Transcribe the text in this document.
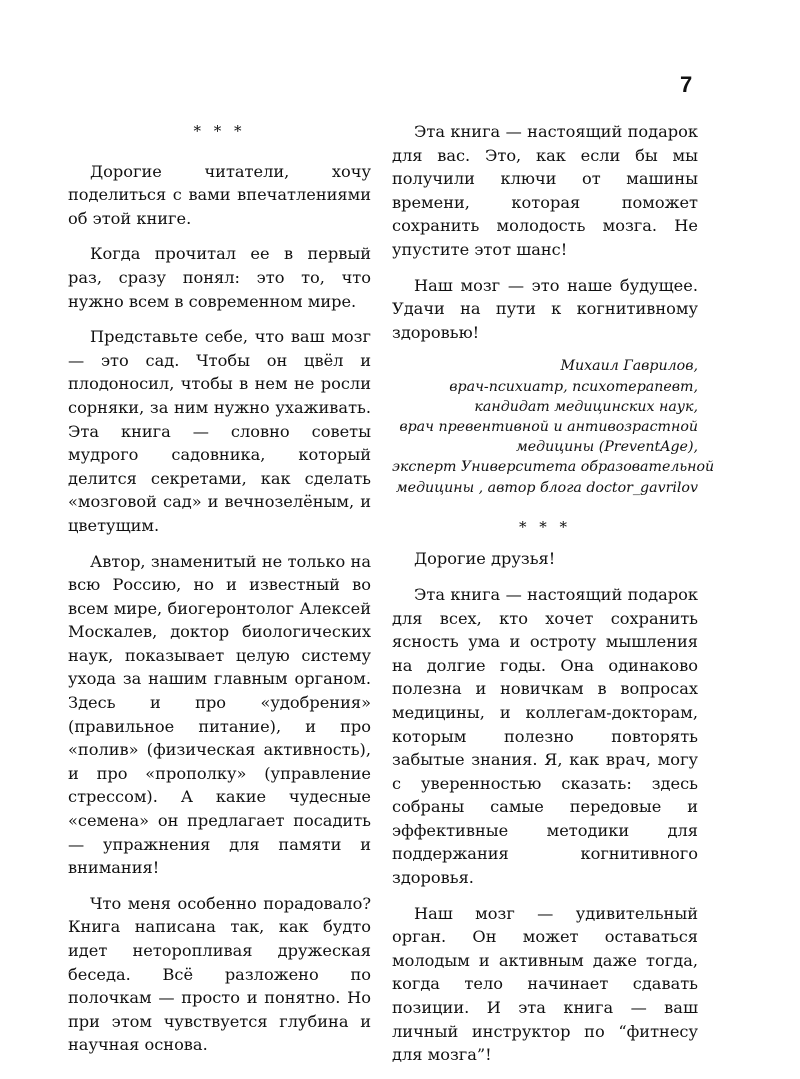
7
* * *

Дорогие читатели, хочу поделиться с вами впечатлениями об этой книге.

Когда прочитал ее в первый раз, сразу понял: это то, что нужно всем в современном мире.

Представьте себе, что ваш мозг — это сад. Чтобы он цвёл и плодоносил, чтобы в нем не росли сорняки, за ним нужно ухаживать. Эта книга — словно советы мудрого садовника, который делится секретами, как сделать «мозговой сад» и вечнозелёным, и цветущим.

Автор, знаменитый не только на всю Россию, но и известный во всем мире, биогеронтолог Алексей Москалев, доктор биологических наук, показывает целую систему ухода за нашим главным органом. Здесь и про «удобрения» (правильное питание), и про «полив» (физическая активность), и про «прополку» (управление стрессом). А какие чудесные «семена» он предлагает посадить — упражнения для памяти и внимания!

Что меня особенно порадовало? Книга написана так, как будто идет неторопливая дружеская беседа. Всё разложено по полочкам — просто и понятно. Но при этом чувствуется глубина и научная основа.

Эта книга — настоящий подарок для вас. Это, как если бы мы получили ключи от машины времени, которая поможет сохранить молодость мозга. Не упустите этот шанс!

Наш мозг — это наше будущее. Удачи на пути к когнитивному здоровью!

Михаил Гаврилов,
врач-психиатр, психотерапевт,
кандидат медицинских наук,
врач превентивной и антивозрастной
медицины (PreventAge),
эксперт Университета образовательной
медицины , автор блога doctor_gavrilov
* * *

Дорогие друзья!

Эта книга — настоящий подарок для всех, кто хочет сохранить ясность ума и остроту мышления на долгие годы. Она одинаково полезна и новичкам в вопросах медицины, и коллегам-докторам, которым полезно повторять забытые знания. Я, как врач, могу с уверенностью сказать: здесь собраны самые передовые и эффективные методики для поддержания когнитивного здоровья.

Наш мозг — удивительный орган. Он может оставаться молодым и активным даже тогда, когда тело начинает сдавать позиции. И эта книга — ваш личный инструктор по “фитнесу для мозга”!
